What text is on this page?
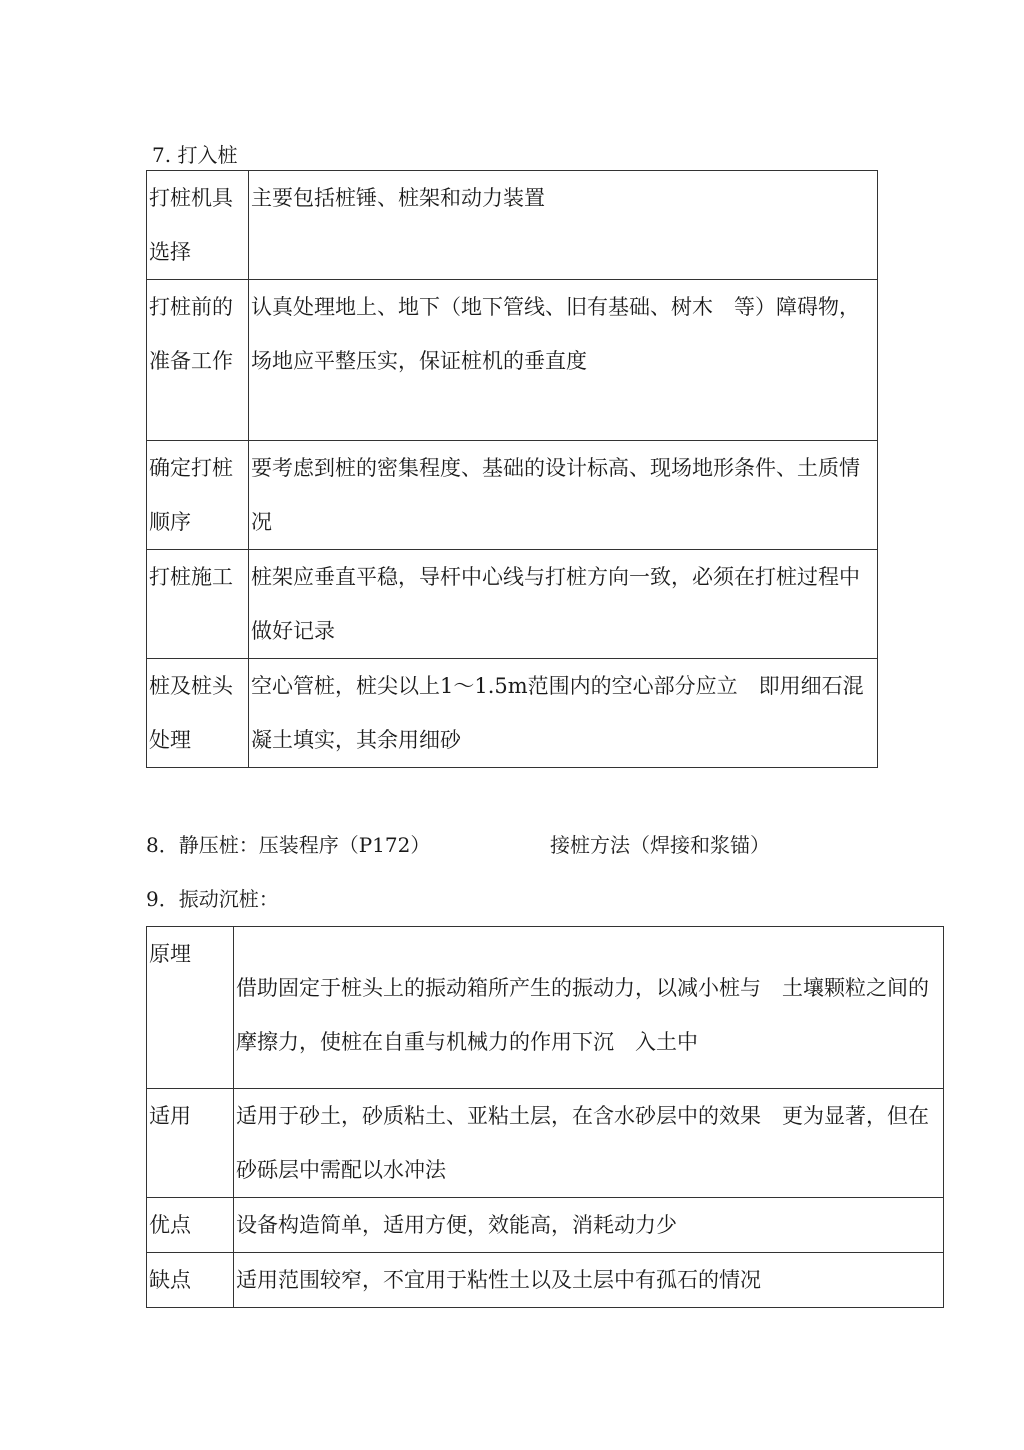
7. 打入桩
打桩机具选择	主要包括桩锤、桩架和动力装置
打桩前的准备工作	认真处理地上、地下（地下管线、旧有基础、树木　等）障碍物，场地应平整压实，保证桩机的垂直度
确定打桩顺序	要考虑到桩的密集程度、基础的设计标高、现场地形条件、土质情况
打桩施工	桩架应垂直平稳，导杆中心线与打桩方向一致，必须在打桩过程中做好记录
桩及桩头处理	空心管桩，桩尖以上1〜1.5m范围内的空心部分应立　即用细石混凝土填实，其余用细砂
8．静压桩：压装程序（P172）	接桩方法（焊接和浆锚）
9．振动沉桩：
原埋	借助固定于桩头上的振动箱所产生的振动力，以减小桩与　土壤颗粒之间的摩擦力，使桩在自重与机械力的作用下沉　入土中
适用	适用于砂土，砂质粘土、亚粘土层，在含水砂层中的效果　更为显著，但在砂砾层中需配以水冲法
优点	设备构造简单，适用方便，效能高，消耗动力少
缺点	适用范围较窄，不宜用于粘性土以及土层中有孤石的情况
